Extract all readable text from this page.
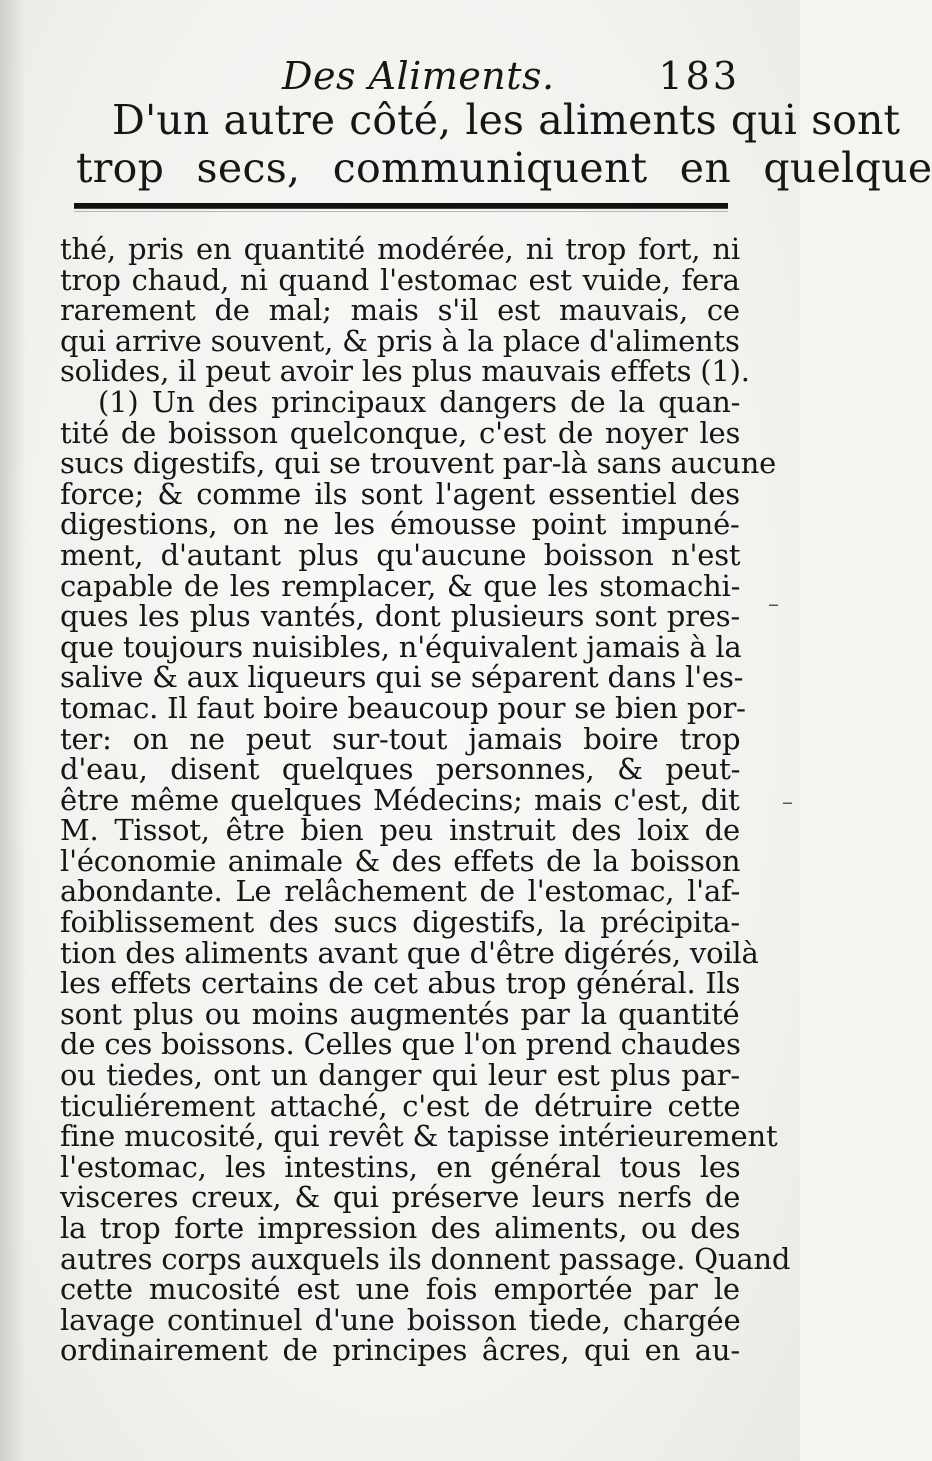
Des Aliments.	183
D'un autre côté, les aliments qui sont
trop secs, communiquent en quelque
thé, pris en quantité modérée, ni trop fort, ni
trop chaud, ni quand l'estomac est vuide, fera
rarement de mal; mais s'il est mauvais, ce
qui arrive souvent, & pris à la place d'aliments
solides, il peut avoir les plus mauvais effets (1).
(1) Un des principaux dangers de la quan-
tité de boisson quelconque, c'est de noyer les
sucs digestifs, qui se trouvent par-là sans aucune
force; & comme ils sont l'agent essentiel des
digestions, on ne les émousse point impuné-
ment, d'autant plus qu'aucune boisson n'est
capable de les remplacer, & que les stomachi-
ques les plus vantés, dont plusieurs sont pres-
que toujours nuisibles, n'équivalent jamais à la
salive & aux liqueurs qui se séparent dans l'es-
tomac. Il faut boire beaucoup pour se bien por-
ter: on ne peut sur-tout jamais boire trop
d'eau, disent quelques personnes, & peut-
être même quelques Médecins; mais c'est, dit
M. Tissot, être bien peu instruit des loix de
l'économie animale & des effets de la boisson
abondante. Le relâchement de l'estomac, l'af-
foiblissement des sucs digestifs, la précipita-
tion des aliments avant que d'être digérés, voilà
les effets certains de cet abus trop général. Ils
sont plus ou moins augmentés par la quantité
de ces boissons. Celles que l'on prend chaudes
ou tiedes, ont un danger qui leur est plus par-
ticuliérement attaché, c'est de détruire cette
fine mucosité, qui revêt & tapisse intérieurement
l'estomac, les intestins, en général tous les
visceres creux, & qui préserve leurs nerfs de
la trop forte impression des aliments, ou des
autres corps auxquels ils donnent passage. Quand
cette mucosité est une fois emportée par le
lavage continuel d'une boisson tiede, chargée
ordinairement de principes âcres, qui en au-
–
–
